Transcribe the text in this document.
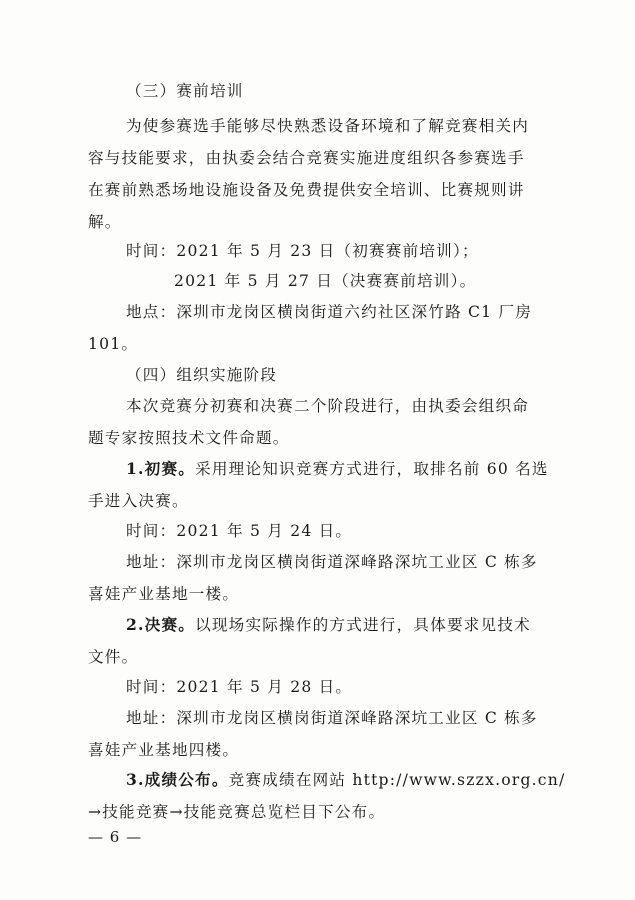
（三）赛前培训
为使参赛选手能够尽快熟悉设备环境和了解竞赛相关内
容与技能要求，由执委会结合竞赛实施进度组织各参赛选手
在赛前熟悉场地设施设备及免费提供安全培训、比赛规则讲
解。
时间：2021 年 5 月 23 日（初赛赛前培训）；
2021 年 5 月 27 日（决赛赛前培训）。
地点：深圳市龙岗区横岗街道六约社区深竹路 C1 厂房
101。
（四）组织实施阶段
本次竞赛分初赛和决赛二个阶段进行，由执委会组织命
题专家按照技术文件命题。
1.初赛。采用理论知识竞赛方式进行，取排名前 60 名选
手进入决赛。
时间：2021 年 5 月 24 日。
地址：深圳市龙岗区横岗街道深峰路深坑工业区 C 栋多
喜娃产业基地一楼。
2.决赛。以现场实际操作的方式进行，具体要求见技术
文件。
时间：2021 年 5 月 28 日。
地址：深圳市龙岗区横岗街道深峰路深坑工业区 C 栋多
喜娃产业基地四楼。
3.成绩公布。竞赛成绩在网站 http://www.szzx.org.cn/
→技能竞赛→技能竞赛总览栏目下公布。
— 6 —
